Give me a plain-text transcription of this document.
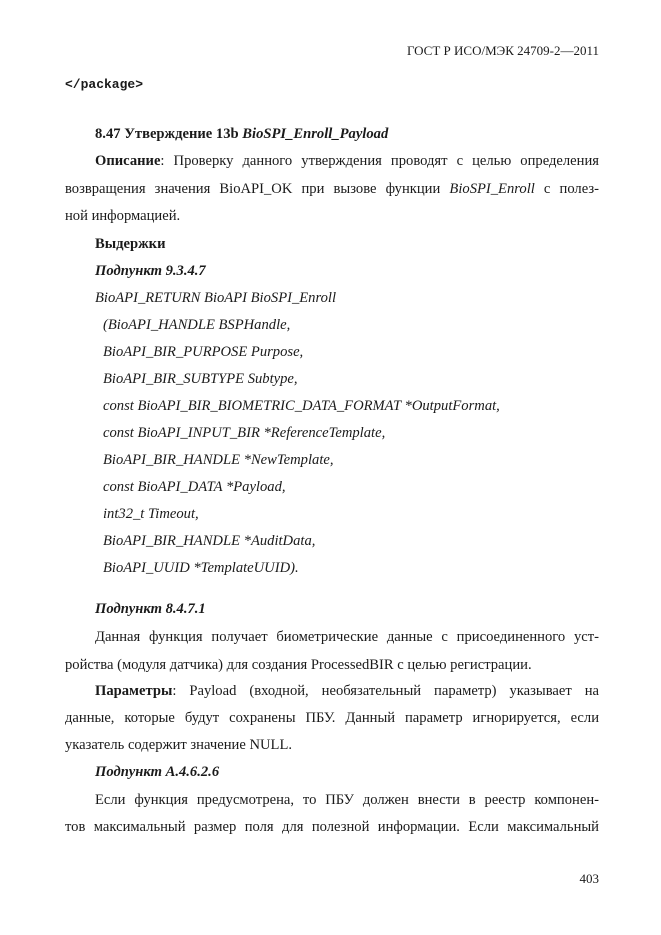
ГОСТ Р ИСО/МЭК 24709-2—2011
</package>
8.47 Утверждение 13b BioSPI_Enroll_Payload
Описание: Проверку данного утверждения проводят с целью определения
возвращения значения BioAPI_OK при вызове функции BioSPI_Enroll с полез-
ной информацией.
Выдержки
Подпункт 9.3.4.7
BioAPI_RETURN BioAPI BioSPI_Enroll
(BioAPI_HANDLE BSPHandle,
BioAPI_BIR_PURPOSE Purpose,
BioAPI_BIR_SUBTYPE Subtype,
const BioAPI_BIR_BIOMETRIC_DATA_FORMAT *OutputFormat,
const BioAPI_INPUT_BIR *ReferenceTemplate,
BioAPI_BIR_HANDLE *NewTemplate,
const BioAPI_DATA *Payload,
int32_t Timeout,
BioAPI_BIR_HANDLE *AuditData,
BioAPI_UUID *TemplateUUID).
Подпункт 8.4.7.1
Данная функция получает биометрические данные с присоединенного уст-
ройства (модуля датчика) для создания ProcessedBIR с целью регистрации.
Параметры: Payload (входной, необязательный параметр) указывает на
данные, которые будут сохранены ПБУ. Данный параметр игнорируется, если
указатель содержит значение NULL.
Подпункт A.4.6.2.6
Если функция предусмотрена, то ПБУ должен внести в реестр компонен-
тов максимальный размер поля для полезной информации. Если максимальный
403
